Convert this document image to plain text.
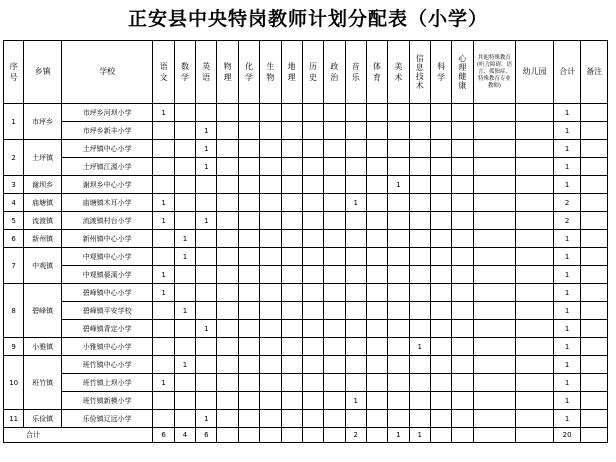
正安县中央特岗教师计划分配表（小学）
序号	乡镇	学校	语文	数学	英语	物理	化学	生物	地理	历史	政治	音乐	体育	美术	信息技术	科学	心理健康	其他特殊教育(听力障碍、语言、孤独症、特殊教育专业教师)	幼儿园	合计	备注
1	市坪乡	市坪乡河坝小学	1																	1	
		市坪乡新丰小学			1															1	
2	土坪镇	土坪镇中心小学			1															1	
		土坪镇江源小学			1															1	
3	谢坝乡	谢坝乡中心小学												1						1	
4	庙塘镇	庙塘镇木耳小学	1									1								2	
5	流渡镇	流渡镇村台小学	1		1															2	
6	新州镇	新州镇中心小学		1																1	
7	中观镇	中观镇中心小学		1																1	
		中观镇晏溪小学	1																	1	
8	碧峰镇	碧峰镇中心小学	1																	1	
		碧峰镇平安学校		1																1	
		碧峰镇青定小学			1															1	
9	小雅镇	小雅镇中心小学													1					1	
10	班竹镇	班竹镇中心小学		1																1	
		班竹镇上坝小学	1																	1	
		班竹镇新模小学										1								1	
11	乐俭镇	乐俭镇辽远小学			1															1	
合计			6	4	6							2		1	1					20	
